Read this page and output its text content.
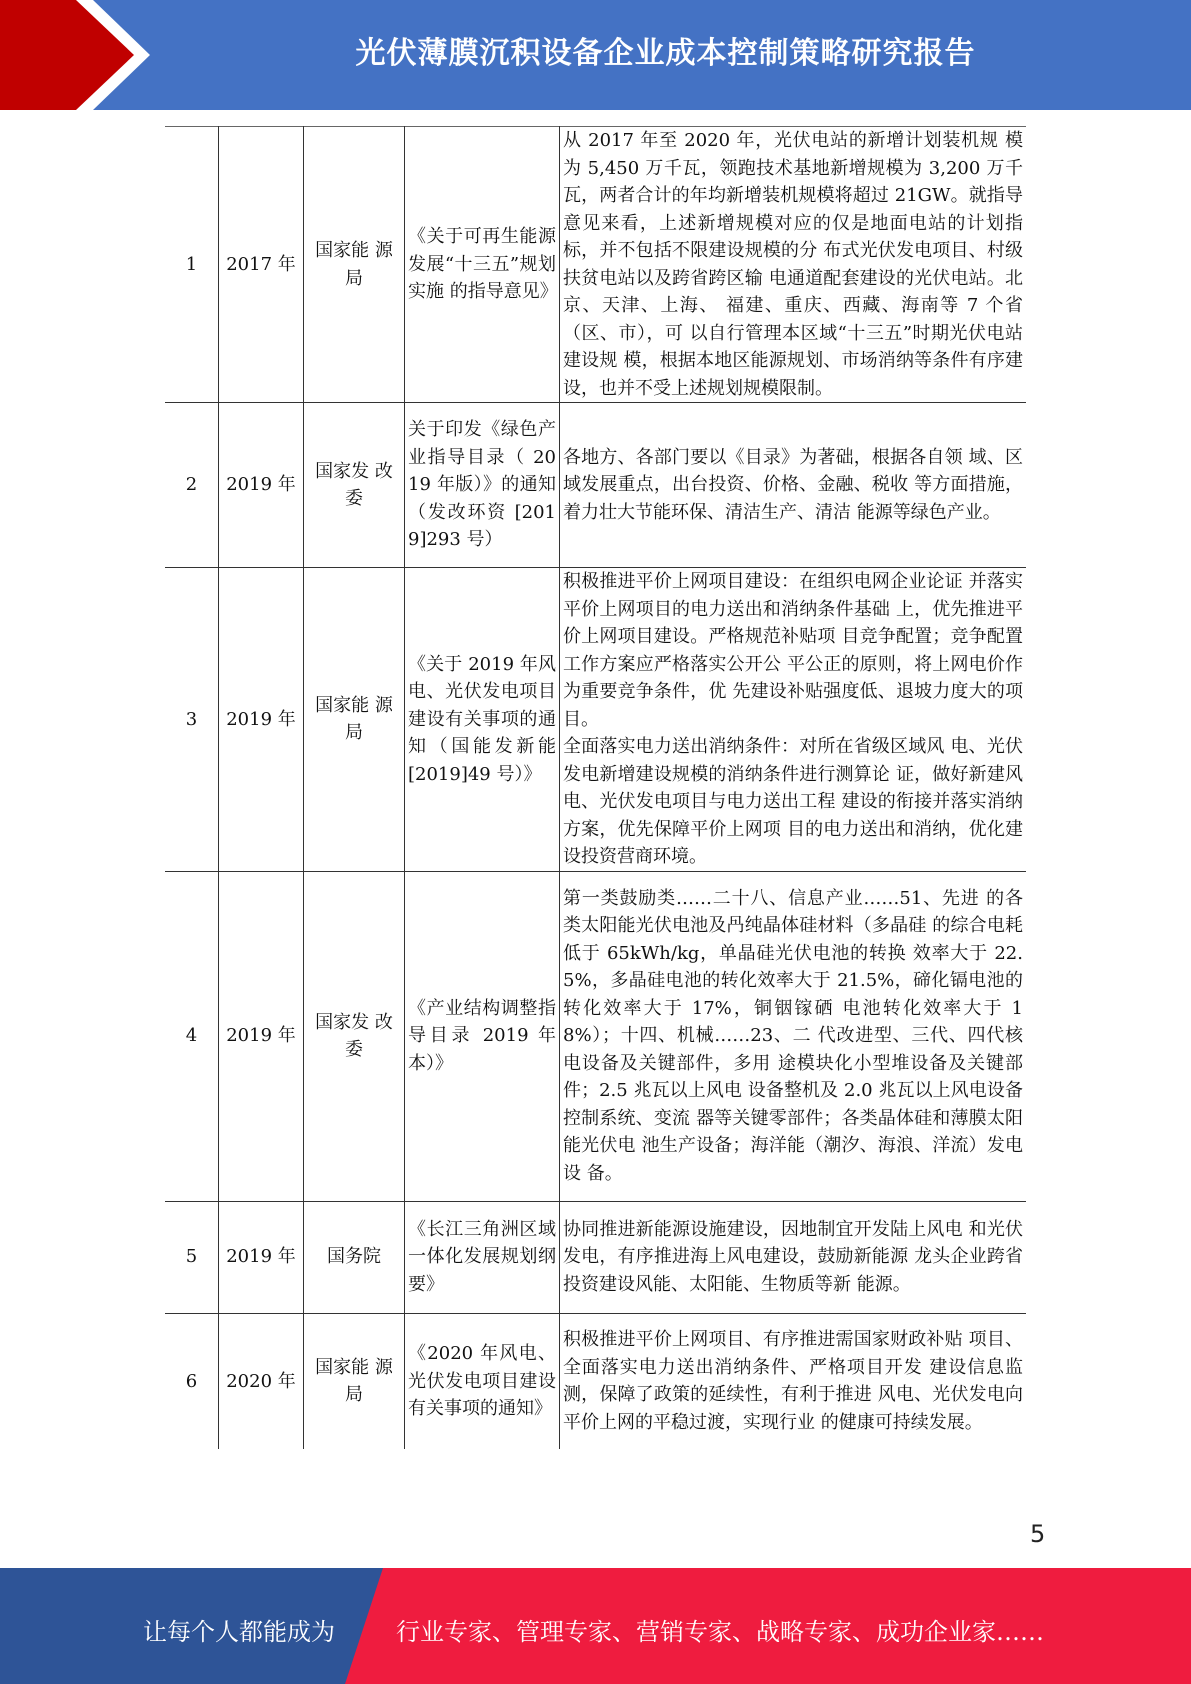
光伏薄膜沉积设备企业成本控制策略研究报告
1	2017 年	国家能 源局	《关于可再生能源发展“十三五”规划实施 的指导意见》	从 2017 年至 2020 年，光伏电站的新增计划装机规 模为 5,450 万千瓦，领跑技术基地新增规模为 3,200 万千瓦，两者合计的年均新增装机规模将超过 21GW。就指导意见来看，上述新增规模对应的仅是地面电站的计划指标，并不包括不限建设规模的分 布式光伏发电项目、村级扶贫电站以及跨省跨区输 电通道配套建设的光伏电站。北京、天津、上海、 福建、重庆、西藏、海南等 7 个省（区、市），可 以自行管理本区域“十三五”时期光伏电站建设规 模，根据本地区能源规划、市场消纳等条件有序建 设，也并不受上述规划规模限制。
2	2019 年	国家发 改委	关于印发《绿色产业指导目录（ 2019 年版）》的通知（发改环资 [2019]293 号）	各地方、各部门要以《目录》为著础，根据各自领 域、区域发展重点，出台投资、价格、金融、税收 等方面措施，着力壮大节能环保、清洁生产、清洁 能源等绿色产业。
3	2019 年	国家能 源局	《关于 2019 年风电、光伏发电项目建设有关事项的通知（国能发新能 [2019]49 号）》	积极推进平价上网项目建设：在组织电网企业论证 并落实平价上网项目的电力送出和消纳条件基础 上，优先推进平价上网项目建设。严格规范补贴项 目竞争配置；竞争配置工作方案应严格落实公开公 平公正的原则，将上网电价作为重要竞争条件，优 先建设补贴强度低、退坡力度大的项目。
全面落实电力送出消纳条件：对所在省级区域风 电、光伏发电新增建设规模的消纳条件进行测算论 证，做好新建风电、光伏发电项目与电力送出工程 建设的衔接并落实消纳方案，优先保障平价上网项 目的电力送出和消纳，优化建设投资营商环境。

4	2019 年	国家发 改委	《产业结构调整指导目录 2019 年本）》	第一类鼓励类……二十八、信息产业……51、先进 的各类太阳能光伏电池及冎纯晶体硅材料（多晶硅 的综合电耗低于 65kWh/kg，单晶硅光伏电池的转换 效率大于 22.5%，多晶硅电池的转化效率大于 21.5%，碲化镉电池的转化效率大于 17%，铜铟镓硒 电池转化效率大于 18%）；十四、机械……23、二 代改进型、三代、四代核电设备及关键部件，多用 途模块化小型堆设备及关键部件；2.5 兆瓦以上风电 设备整机及 2.0 兆瓦以上风电设备控制系统、变流 器等关键零部件；各类晶体硅和薄膜太阳能光伏电 池生产设备；海洋能（潮汐、海浪、洋流）发电设 备。
5	2019 年	国务院	《长江三角洲区域一体化发展规划纲要》	协同推进新能源设施建设，因地制宜开发陆上风电 和光伏发电，有序推进海上风电建设，鼓励新能源 龙头企业跨省投资建设风能、太阳能、生物质等新 能源。
6	2020 年	国家能 源局	《2020 年风电、光伏发电项目建设有关事项的通知》	积极推进平价上网项目、有序推进需国家财政补贴 项目、全面落实电力送出消纳条件、严格项目开发 建设信息监测，保障了政策的延续性，有利于推进 风电、光伏发电向平价上网的平稳过渡，实现行业 的健康可持续发展。
5
让每个人都能成为	行业专家、管理专家、营销专家、战略专家、成功企业家……
